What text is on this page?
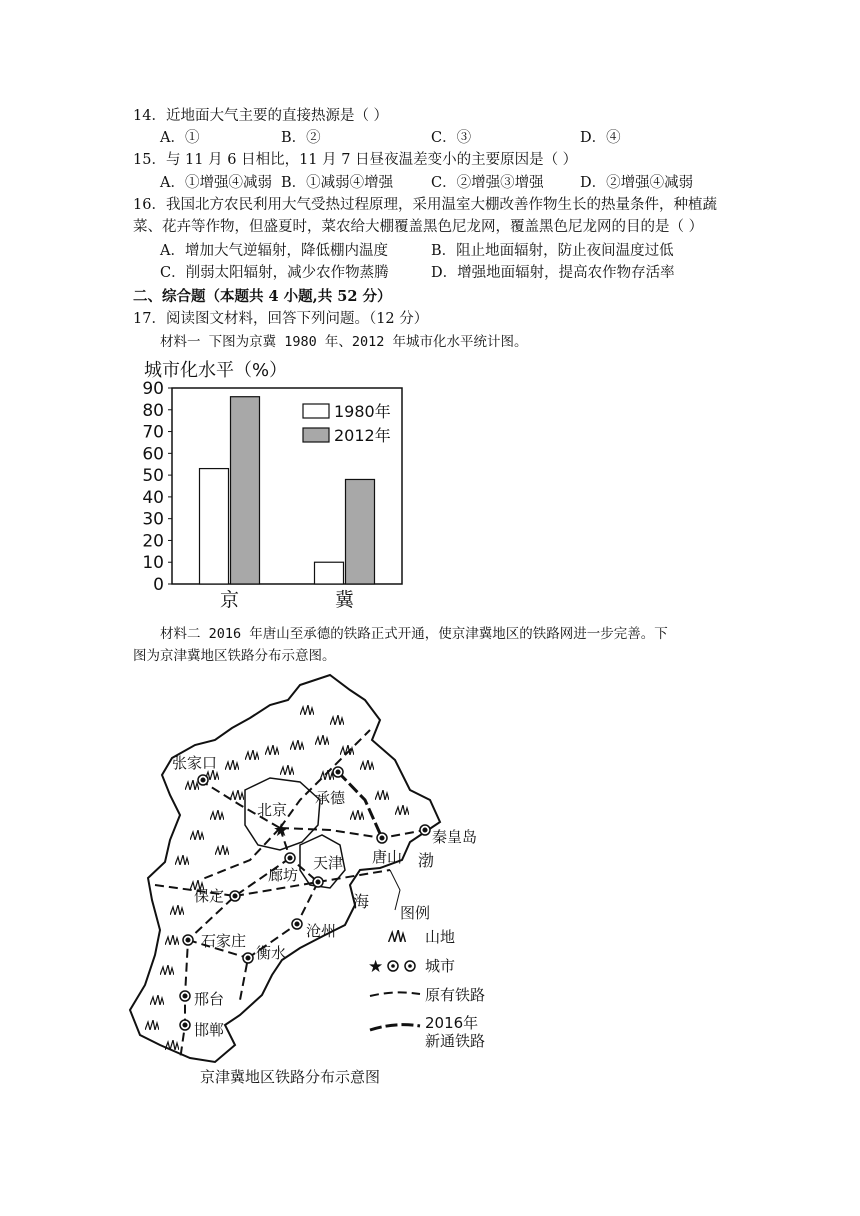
14．近地面大气主要的直接热源是（ ）
A．①	B．②	C．③	D．④
15．与 11 月 6 日相比，11 月 7 日昼夜温差变小的主要原因是（ ）
A．①增强④减弱 B．①减弱④增强	C．②增强③增强	D．②增强④减弱
16．我国北方农民利用大气受热过程原理，采用温室大棚改善作物生长的热量条件，种植蔬
菜、花卉等作物，但盛夏时，菜农给大棚覆盖黑色尼龙网，覆盖黑色尼龙网的目的是（ ）
A．增加大气逆辐射，降低棚内温度	B．阻止地面辐射，防止夜间温度过低
C．削弱太阳辐射，减少农作物蒸腾	D．增强地面辐射，提高农作物存活率
二、综合题（本题共 4 小题,共 52 分）
17．阅读图文材料，回答下列问题。（12 分）
材料一 下图为京冀 1980 年、2012 年城市化水平统计图。
城市化水平（%）
0
10
20
30
40
50
60
70
80
90
京	冀
1980年
2012年
材料二 2016 年唐山至承德的铁路正式开通，使京津冀地区的铁路网进一步完善。下
图为京津冀地区铁路分布示意图。
★
张家口
承德
北京
秦皇岛
唐山
天津
廊坊
保定
沧州
石家庄
衡水
邢台
邯郸
渤
海
图例
山地
★	城市
原有铁路
2016年
新通铁路
京津冀地区铁路分布示意图
